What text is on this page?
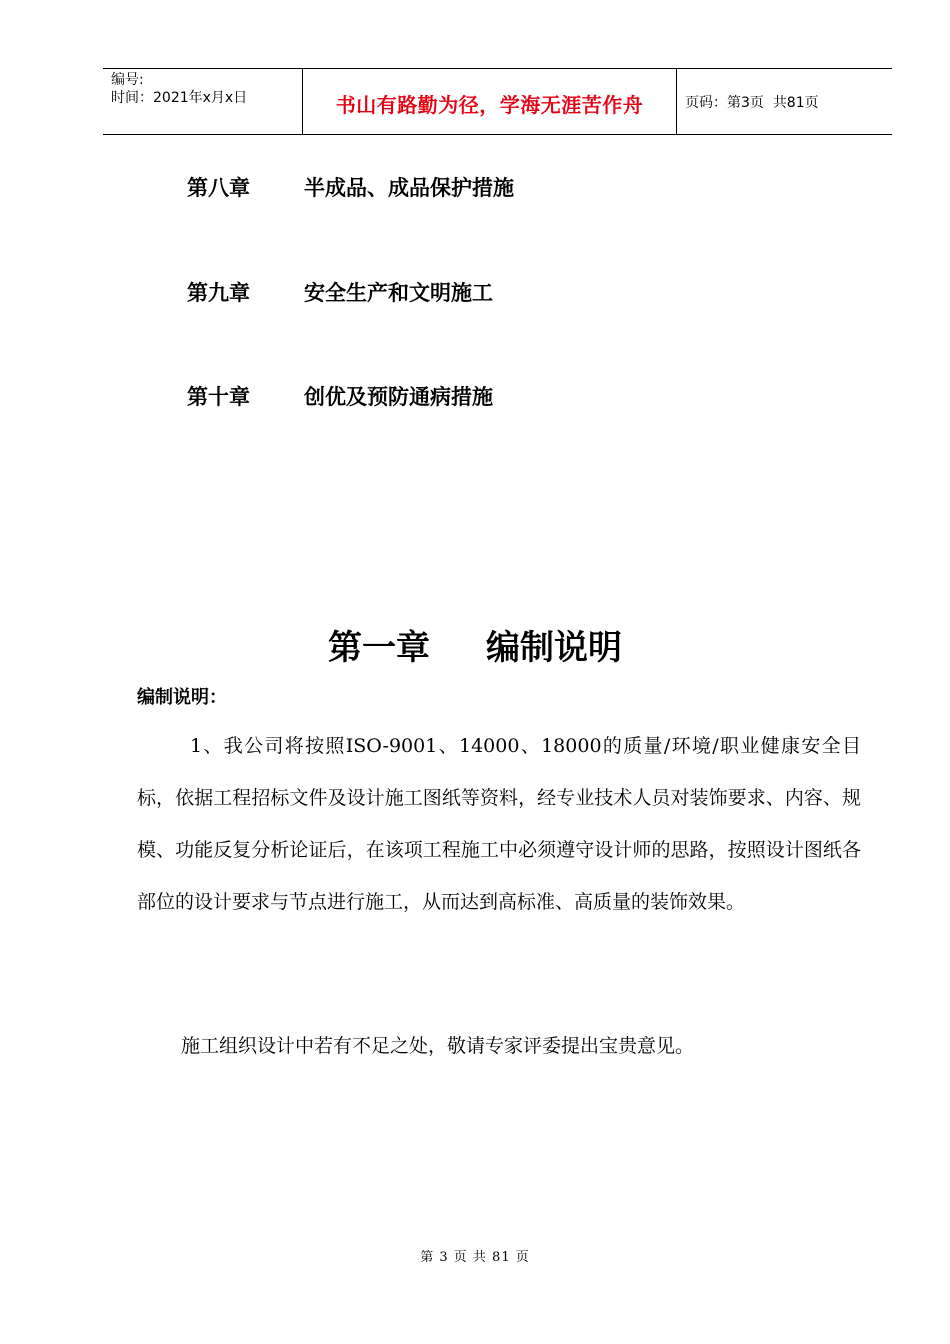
编号:
时间：2021年x月x日	书山有路勤为径，学海无涯苦作舟	页码：第3页  共81页
第八章	半成品、成品保护措施
第九章	安全生产和文明施工
第十章	创优及预防通病措施
第一章 编制说明
编制说明：
1、我公司将按照ISO-9001、14000、18000的质量/环境/职业健康安全目标，依据工程招标文件及设计施工图纸等资料，经专业技术人员对装饰要求、内容、规模、功能反复分析论证后，在该项工程施工中必须遵守设计师的思路，按照设计图纸各部位的设计要求与节点进行施工，从而达到高标准、高质量的装饰效果。
施工组织设计中若有不足之处，敬请专家评委提出宝贵意见。
第 3 页 共 81 页
